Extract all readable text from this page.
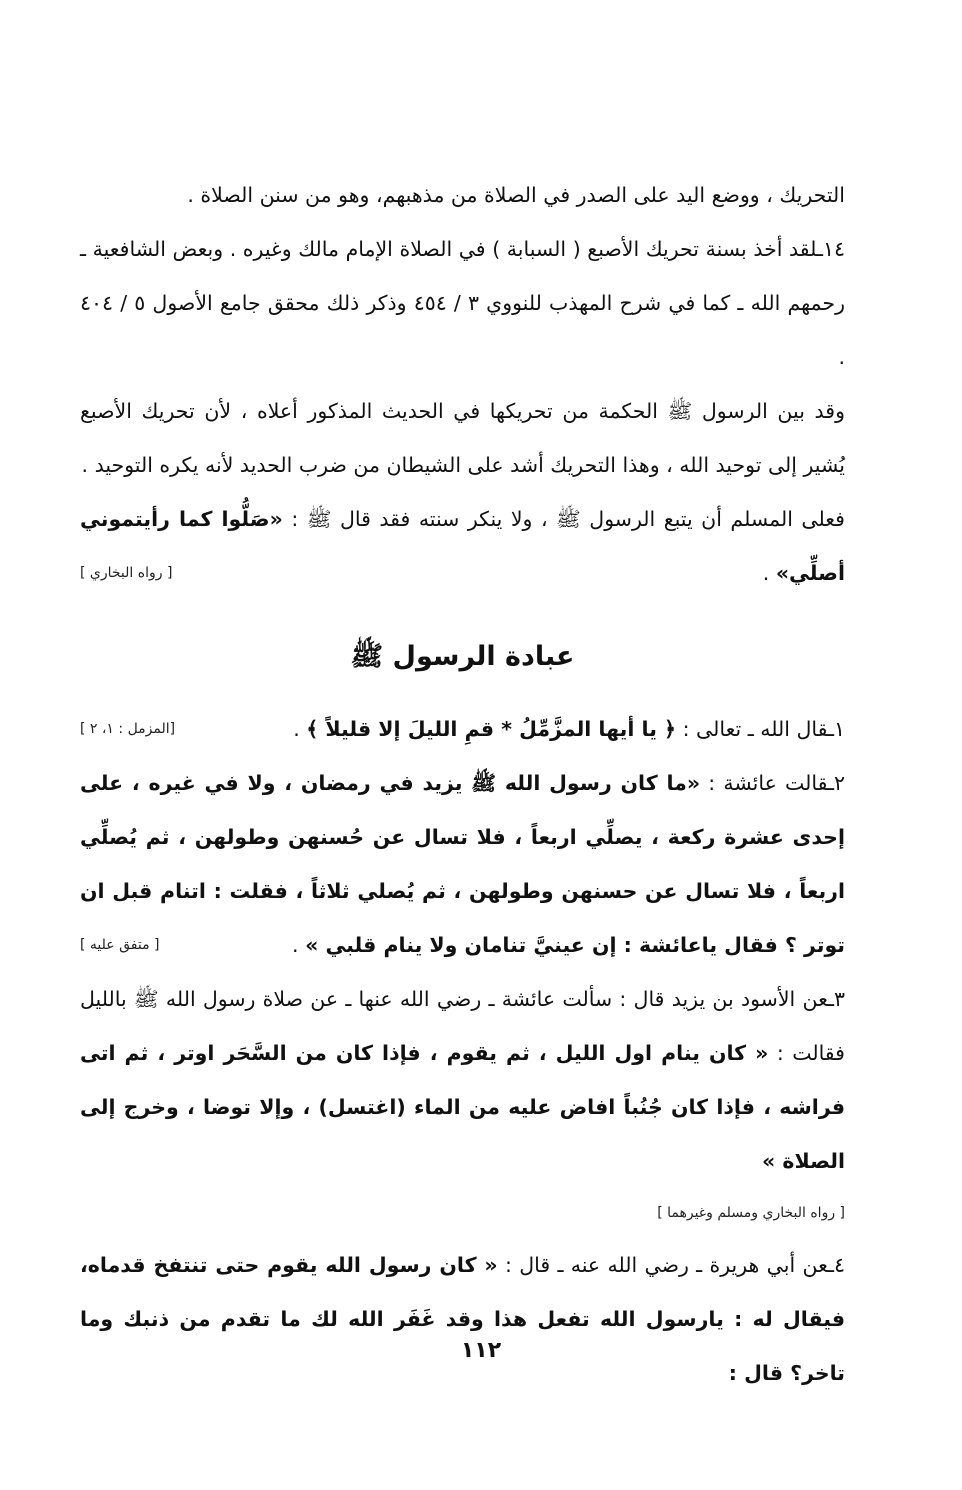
التحريك ، ووضع اليد على الصدر في الصلاة من مذهبهم، وهو من سنن الصلاة .

١٤ـلقد أخذ بسنة تحريك الأصبع ( السبابة ) في الصلاة الإمام مالك وغيره . وبعض الشافعية ـ رحمهم الله ـ كما في شرح المهذب للنووي ٣ / ٤٥٤ وذكر ذلك محقق جامع الأصول ٥ / ٤٠٤ .

وقد بين الرسول ﷺ الحكمة من تحريكها في الحديث المذكور أعلاه ، لأن تحريك الأصبع يُشير إلى توحيد الله ، وهذا التحريك أشد على الشيطان من ضرب الحديد لأنه يكره التوحيد .

فعلى المسلم أن يتبع الرسول ﷺ ، ولا ينكر سنته فقد قال ﷺ : «صَلُّوا كما رأيتموني أصلِّي» .
[ رواه البخاري ]

عبادة الرسول ﷺ

١ـقال الله ـ تعالى : ﴿ يا أيها المزَّمِّلُ * قمِ الليلَ إلا قليلاً ﴾ .
[المزمل : ١، ٢ ]

٢ـقالت عائشة : «ما كان رسول الله ﷺ يزيد في رمضان ، ولا في غيره ، على إحدى عشرة ركعة ، يصلِّي اربعاً ، فلا تسال عن حُسنهن وطولهن ، ثم يُصلِّي اربعاً ، فلا تسال عن حسنهن وطولهن ، ثم يُصلي ثلاثاً ، فقلت : اتنام قبل ان توتر ؟ فقال ياعائشة : إن عينيَّ تنامان ولا ينام قلبي » .
[ متفق عليه ]

٣ـعن الأسود بن يزيد قال : سألت عائشة ـ رضي الله عنها ـ عن صلاة رسول الله ﷺ بالليل فقالت : « كان ينام اول الليل ، ثم يقوم ، فإذا كان من السَّحَر اوتر ، ثم اتى فراشه ، فإذا كان جُنُباً افاض عليه من الماء (اغتسل) ، وإلا توضا ، وخرج إلى الصلاة »

[ رواه البخاري ومسلم وغيرهما ]

٤ـعن أبي هريرة ـ رضي الله عنه ـ قال : « كان رسول الله يقوم حتى تنتفخ قدماه، فيقال له : يارسول الله تفعل هذا وقد غَفَر الله لك ما تقدم من ذنبك وما تاخر؟ قال :

١١٢
